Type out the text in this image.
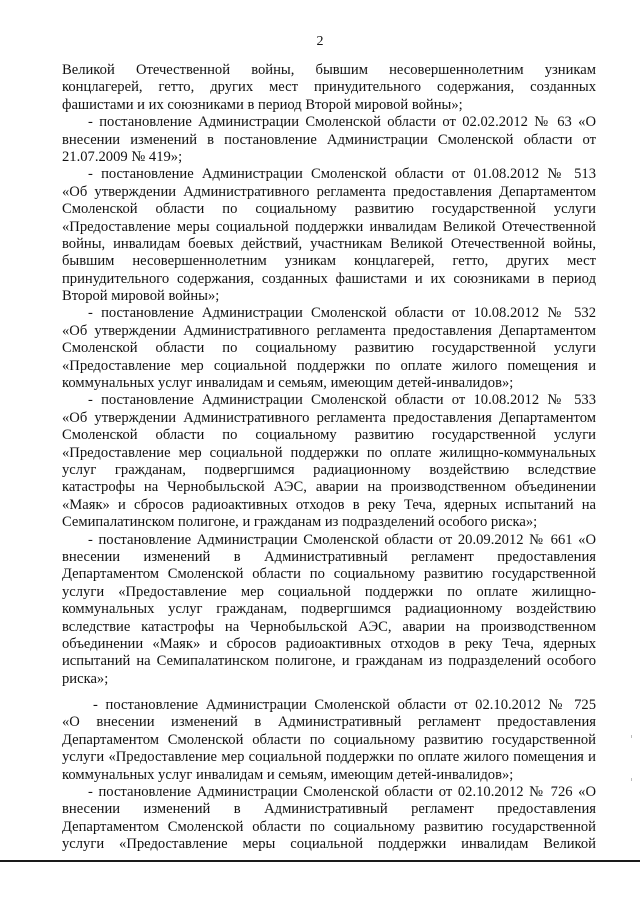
2
Великой Отечественной войны, бывшим несовершеннолетним узникам
концлагерей, гетто, других мест принудительного содержания, созданных
фашистами и их союзниками в период Второй мировой войны»;
- постановление Администрации Смоленской области от 02.02.2012 № 63 «О
внесении изменений в постановление Администрации Смоленской области от
21.07.2009 № 419»;
- постановление Администрации Смоленской области от 01.08.2012 № 513
«Об утверждении Административного регламента предоставления Департаментом
Смоленской области по социальному развитию государственной услуги
«Предоставление меры социальной поддержки инвалидам Великой Отечественной
войны, инвалидам боевых действий, участникам Великой Отечественной войны,
бывшим несовершеннолетним узникам концлагерей, гетто, других мест
принудительного содержания, созданных фашистами и их союзниками в период
Второй мировой войны»;
- постановление Администрации Смоленской области от 10.08.2012 № 532
«Об утверждении Административного регламента предоставления Департаментом
Смоленской области по социальному развитию государственной услуги
«Предоставление мер социальной поддержки по оплате жилого помещения и
коммунальных услуг инвалидам и семьям, имеющим детей-инвалидов»;
- постановление Администрации Смоленской области от 10.08.2012 № 533
«Об утверждении Административного регламента предоставления Департаментом
Смоленской области по социальному развитию государственной услуги
«Предоставление мер социальной поддержки по оплате жилищно-коммунальных
услуг гражданам, подвергшимся радиационному воздействию вследствие
катастрофы на Чернобыльской АЭС, аварии на производственном объединении
«Маяк» и сбросов радиоактивных отходов в реку Теча, ядерных испытаний на
Семипалатинском полигоне, и гражданам из подразделений особого риска»;
- постановление Администрации Смоленской области от 20.09.2012 № 661 «О
внесении изменений в Административный регламент предоставления
Департаментом Смоленской области по социальному развитию государственной
услуги «Предоставление мер социальной поддержки по оплате жилищно-
коммунальных услуг гражданам, подвергшимся радиационному воздействию
вследствие катастрофы на Чернобыльской АЭС, аварии на производственном
объединении «Маяк» и сбросов радиоактивных отходов в реку Теча, ядерных
испытаний на Семипалатинском полигоне, и гражданам из подразделений особого
риска»;
- постановление Администрации Смоленской области от 02.10.2012 № 725
«О внесении изменений в Административный регламент предоставления
Департаментом Смоленской области по социальному развитию государственной
услуги «Предоставление мер социальной поддержки по оплате жилого помещения и
коммунальных услуг инвалидам и семьям, имеющим детей-инвалидов»;
- постановление Администрации Смоленской области от 02.10.2012 № 726 «О
внесении изменений в Административный регламент предоставления
Департаментом Смоленской области по социальному развитию государственной
услуги «Предоставление меры социальной поддержки инвалидам Великой
